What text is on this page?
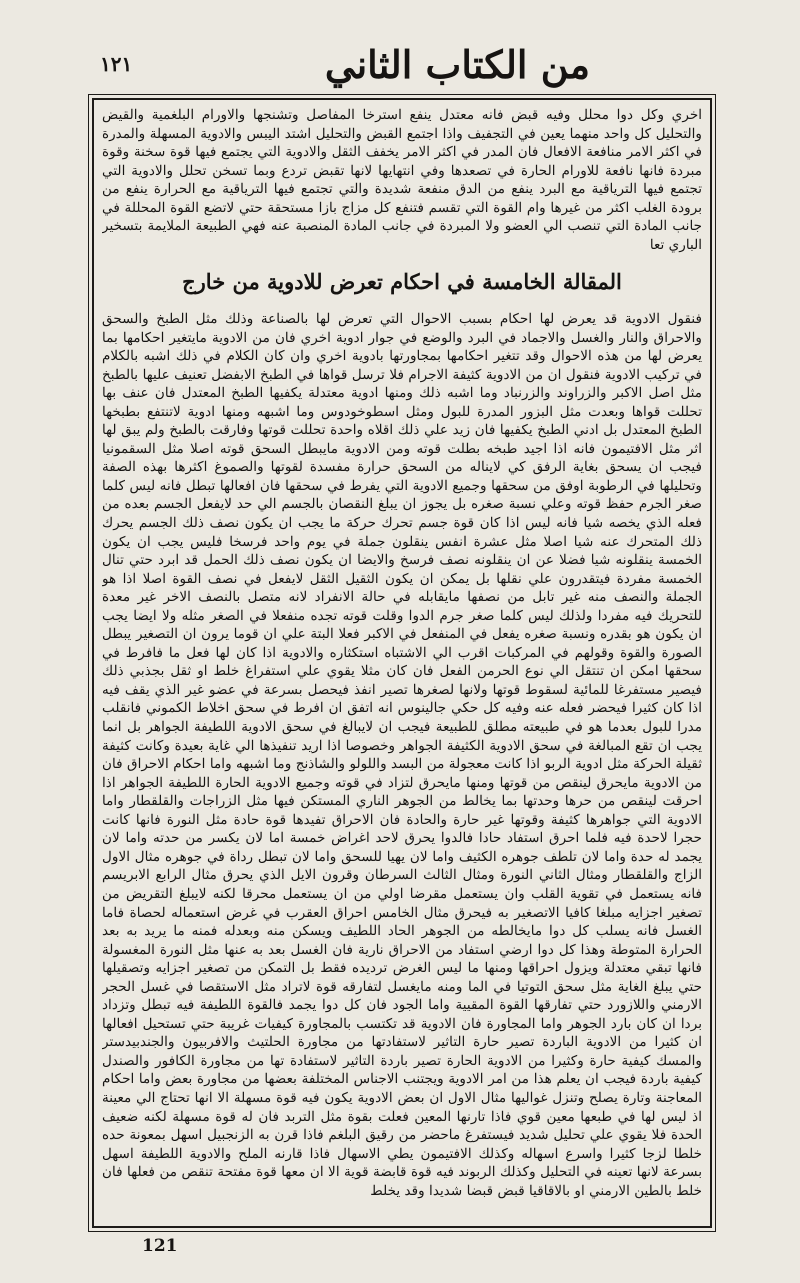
من الكتاب الثاني
١٢١

اخري وكل دوا محلل وفيه قبض فانه معتدل ينفع استرخا المفاصل وتشنجها والاورام البلغمية والقيض والتحليل كل واحد منهما يعين في التجفيف واذا اجتمع القبض والتحليل اشتد اليبس والادوية المسهلة والمدرة في اكثر الامر منافعة الافعال فان المدر في اكثر الامر يخفف الثقل والادوية التي يجتمع فيها قوة سخنة وقوة مبردة فانها نافعة للاورام الحارة في تصعدها وفي انتهايها لانها تقبض تردع وبما تسخن تحلل والادوية التي تجتمع فيها الترياقية مع البرد ينفع من الدق منفعة شديدة والتي تجتمع فيها الترياقية مع الحرارة ينفع من برودة الغلب اكثر من غيرها وام القوة التي تقسم فتنفع كل مزاج بازا مستحقة حتي لاتضع القوة المحللة في جانب المادة التي تنصب الي العضو ولا المبردة في جانب المادة المنصبة عنه فهي الطبيعة الملايمة بتسخير الباري تعا

المقالة الخامسة في احكام تعرض للادوية من خارج

فنقول الادوية قد يعرض لها احكام بسبب الاحوال التي تعرض لها بالصناعة وذلك مثل الطبخ والسحق والاحراق والنار والغسل والاجماد في البرد والوضع في جوار ادوية اخري فان من الادوية مايتغير احكامها بما يعرض لها من هذه الاحوال وقد تتغير احكامها بمجاورتها بادوية اخري وان كان الكلام في ذلك اشبه بالكلام في تركيب الادوية فنقول ان من الادوية كثيفة الاجرام فلا ترسل قواها في الطبخ الابفضل تعنيف عليها بالطبخ مثل اصل الاكبر والزراوند والزرنباد وما اشبه ذلك ومنها ادوية معتدلة يكفيها الطبخ المعتدل فان عنف بها تحللت قواها وبعدت مثل البزور المدرة للبول ومثل اسطوخودوس وما اشبهه ومنها ادوية لاتنتفع بطبخها الطبخ المعتدل بل ادني الطبخ يكفيها فان زيد علي ذلك اقلاه واحدة تحللت قوتها وفارقت بالطبخ ولم يبق لها اثر مثل الافتيمون فانه اذا اجيد طبخه بطلت قوته ومن الادوية مايبطل السحق قوته اصلا مثل السقمونيا فيجب ان يسحق بغاية الرفق كي لايناله من السحق حرارة مفسدة لقوتها والصموغ اكثرها بهذه الصفة وتحليلها في الرطوبة اوفق من سحقها وجميع الادوية التي يفرط في سحقها فان افعالها تبطل فانه ليس كلما صغر الجرم حفظ قوته وعلي نسبة صغره بل يجوز ان يبلغ النقصان بالجسم الي حد لايفعل الجسم بعده من فعله الذي يخصه شيا فانه ليس اذا كان قوة جسم تحرك حركة ما يجب ان يكون نصف ذلك الجسم يحرك ذلك المتحرك عنه شيا اصلا مثل عشرة انفس ينقلون جملة في يوم واحد فرسخا فليس يجب ان يكون الخمسة ينقلونه شيا فضلا عن ان ينقلونه نصف فرسخ والايضا ان يكون نصف ذلك الحمل قد ابرد حتي تنال الخمسة مفردة فيتقدرون علي نقلها بل يمكن ان يكون الثقيل الثقل لايفعل في نصف القوة اصلا اذا هو الجملة والنصف منه غير تابل من نصفها مايقابله في حالة الانفراد لانه متصل بالنصف الاخر غير معدة للتحريك فيه مفردا ولذلك ليس كلما صغر جرم الدوا وقلت قوته تجده منفعلا في الصغر مثله ولا ايضا يجب ان يكون هو بقدره ونسبة صغره يفعل في المنفعل في الاكبر فعلا البتة علي ان قوما يرون ان التصغير يبطل الصورة والقوة وقولهم في المركبات اقرب الي الاشتباه استكثاره والادوية اذا كان لها فعل ما فافرط في سحقها امكن ان تنتقل الي نوع الحرمن الفعل فان كان مثلا يقوي علي استفراغ خلط او ثقل بجذبي ذلك فيصير مستفرغا للمائية لسقوط قوتها ولانها لصغرها تصير انفذ فيحصل بسرعة في عضو غير الذي يقف فيه اذا كان كثيرا فيحضر فعله عنه وفيه كل حكي جالينوس انه اتفق ان افرط في سحق اخلاط الكموني فانقلب مدرا للبول بعدما هو في طبيعته مطلق للطبيعة فيجب ان لايبالغ في سحق الادوية اللطيفة الجواهر بل انما يجب ان تقع المبالغة في سحق الادوية الكثيفة الجواهر وخصوصا اذا اريد تنفيذها الي غاية بعيدة وكانت كثيفة ثقيلة الحركة مثل ادوية الربو اذا كانت معجولة من البسد واللولو والشاذنج وما اشبهه واما احكام الاحراق فان من الادوية مايحرق لينقص من قوتها ومنها مايحرق لتزاد في قوته وجميع الادوية الحارة اللطيفة الجواهر اذا احرقت لينقص من حرها وحدتها بما يخالط من الجوهر الناري المستكن فيها مثل الزراجات والقلقطار واما الادوية التي جواهرها كثيفة وقوتها غير حارة والحادة فان الاحراق تفيدها قوة حادة مثل النورة فانها كانت حجرا لاحدة فيه فلما احرق استفاد حادا فالدوا يحرق لاحد اغراض خمسة اما لان يكسر من حدته واما لان يجمد له حدة واما لان تلطف جوهره الكثيف واما لان يهيا للسحق واما لان تبطل رداة في جوهره مثال الاول الزاج والقلقطار ومثال الثاني النورة ومثال الثالث السرطان وقرون الايل الذي يحرق مثال الرابع الابريسم فانه يستعمل في تقوية القلب وان يستعمل مقرضا اولي من ان يستعمل محرقا لكنه لايبلغ التقريض من تصغير اجزايه مبلغا كافيا الاتصغير به فيحرق مثال الخامس احراق العقرب في غرض استعماله لحصاة فاما الغسل فانه يسلب كل دوا مايخالطه من الجوهر الحاد اللطيف ويسكن منه وبعدله فمنه ما يريد به بعد الحرارة المتوطة وهذا كل دوا ارضي استفاد من الاحراق نارية فان الغسل بعد به عنها مثل النورة المغسولة فانها تبقي معتدلة ويزول احراقها ومنها ما ليس الغرض ترديده فقط بل التمكن من تصغير اجزايه وتصقيلها حتي يبلغ الغاية مثل سحق التوتيا في الما ومنه مايغسل لتفارقه قوة لاتراد مثل الاستقصا في غسل الحجر الارمني واللازورد حتي تفارقها القوة المقيية واما الجود فان كل دوا يجمد فالقوة اللطيفة فيه تبطل وتزداد بردا ان كان بارد الجوهر واما المجاورة فان الادوية قد تكتسب بالمجاورة كيفيات غريبة حتي تستحيل افعالها ان كثيرا من الادوية الباردة تصير حارة التاثير لاستفادتها من مجاورة الحلتيث والافربيون والجندبيدستر والمسك كيفية حارة وكثيرا من الادوية الحارة تصير باردة التاثير لاستفادة تها من مجاورة الكافور والصندل كيفية باردة فيجب ان يعلم هذا من امر الادوية ويجتنب الاجناس المختلفة بعضها من مجاورة بعض واما احكام المعاجنة وتارة يصلح وتنزل غواليها مثال الاول ان بعض الادوية يكون فيه قوة مسهلة الا انها تحتاج الي معينة اذ ليس لها في طبعها معين قوي فاذا تارنها المعين فعلت بقوة مثل التربد فان له قوة مسهلة لكنه ضعيف الحدة فلا يقوي علي تحليل شديد فيستفرغ ماحضر من رقيق البلغم فاذا قرن به الزنجبيل اسهل بمعونة حده خلطا لزجا كثيرا واسرع اسهاله وكذلك الافتيمون يطي الاسهال فاذا قارنه الملح والادوية اللطيفة اسهل بسرعة لانها تعينه في التحليل وكذلك الربوند فيه قوة قابضة قوية الا ان معها قوة مفتحة تنقص من فعلها فان خلط بالطين الارمني او بالاقاقيا قبض قبضا شديدا وقد يخلط

121
